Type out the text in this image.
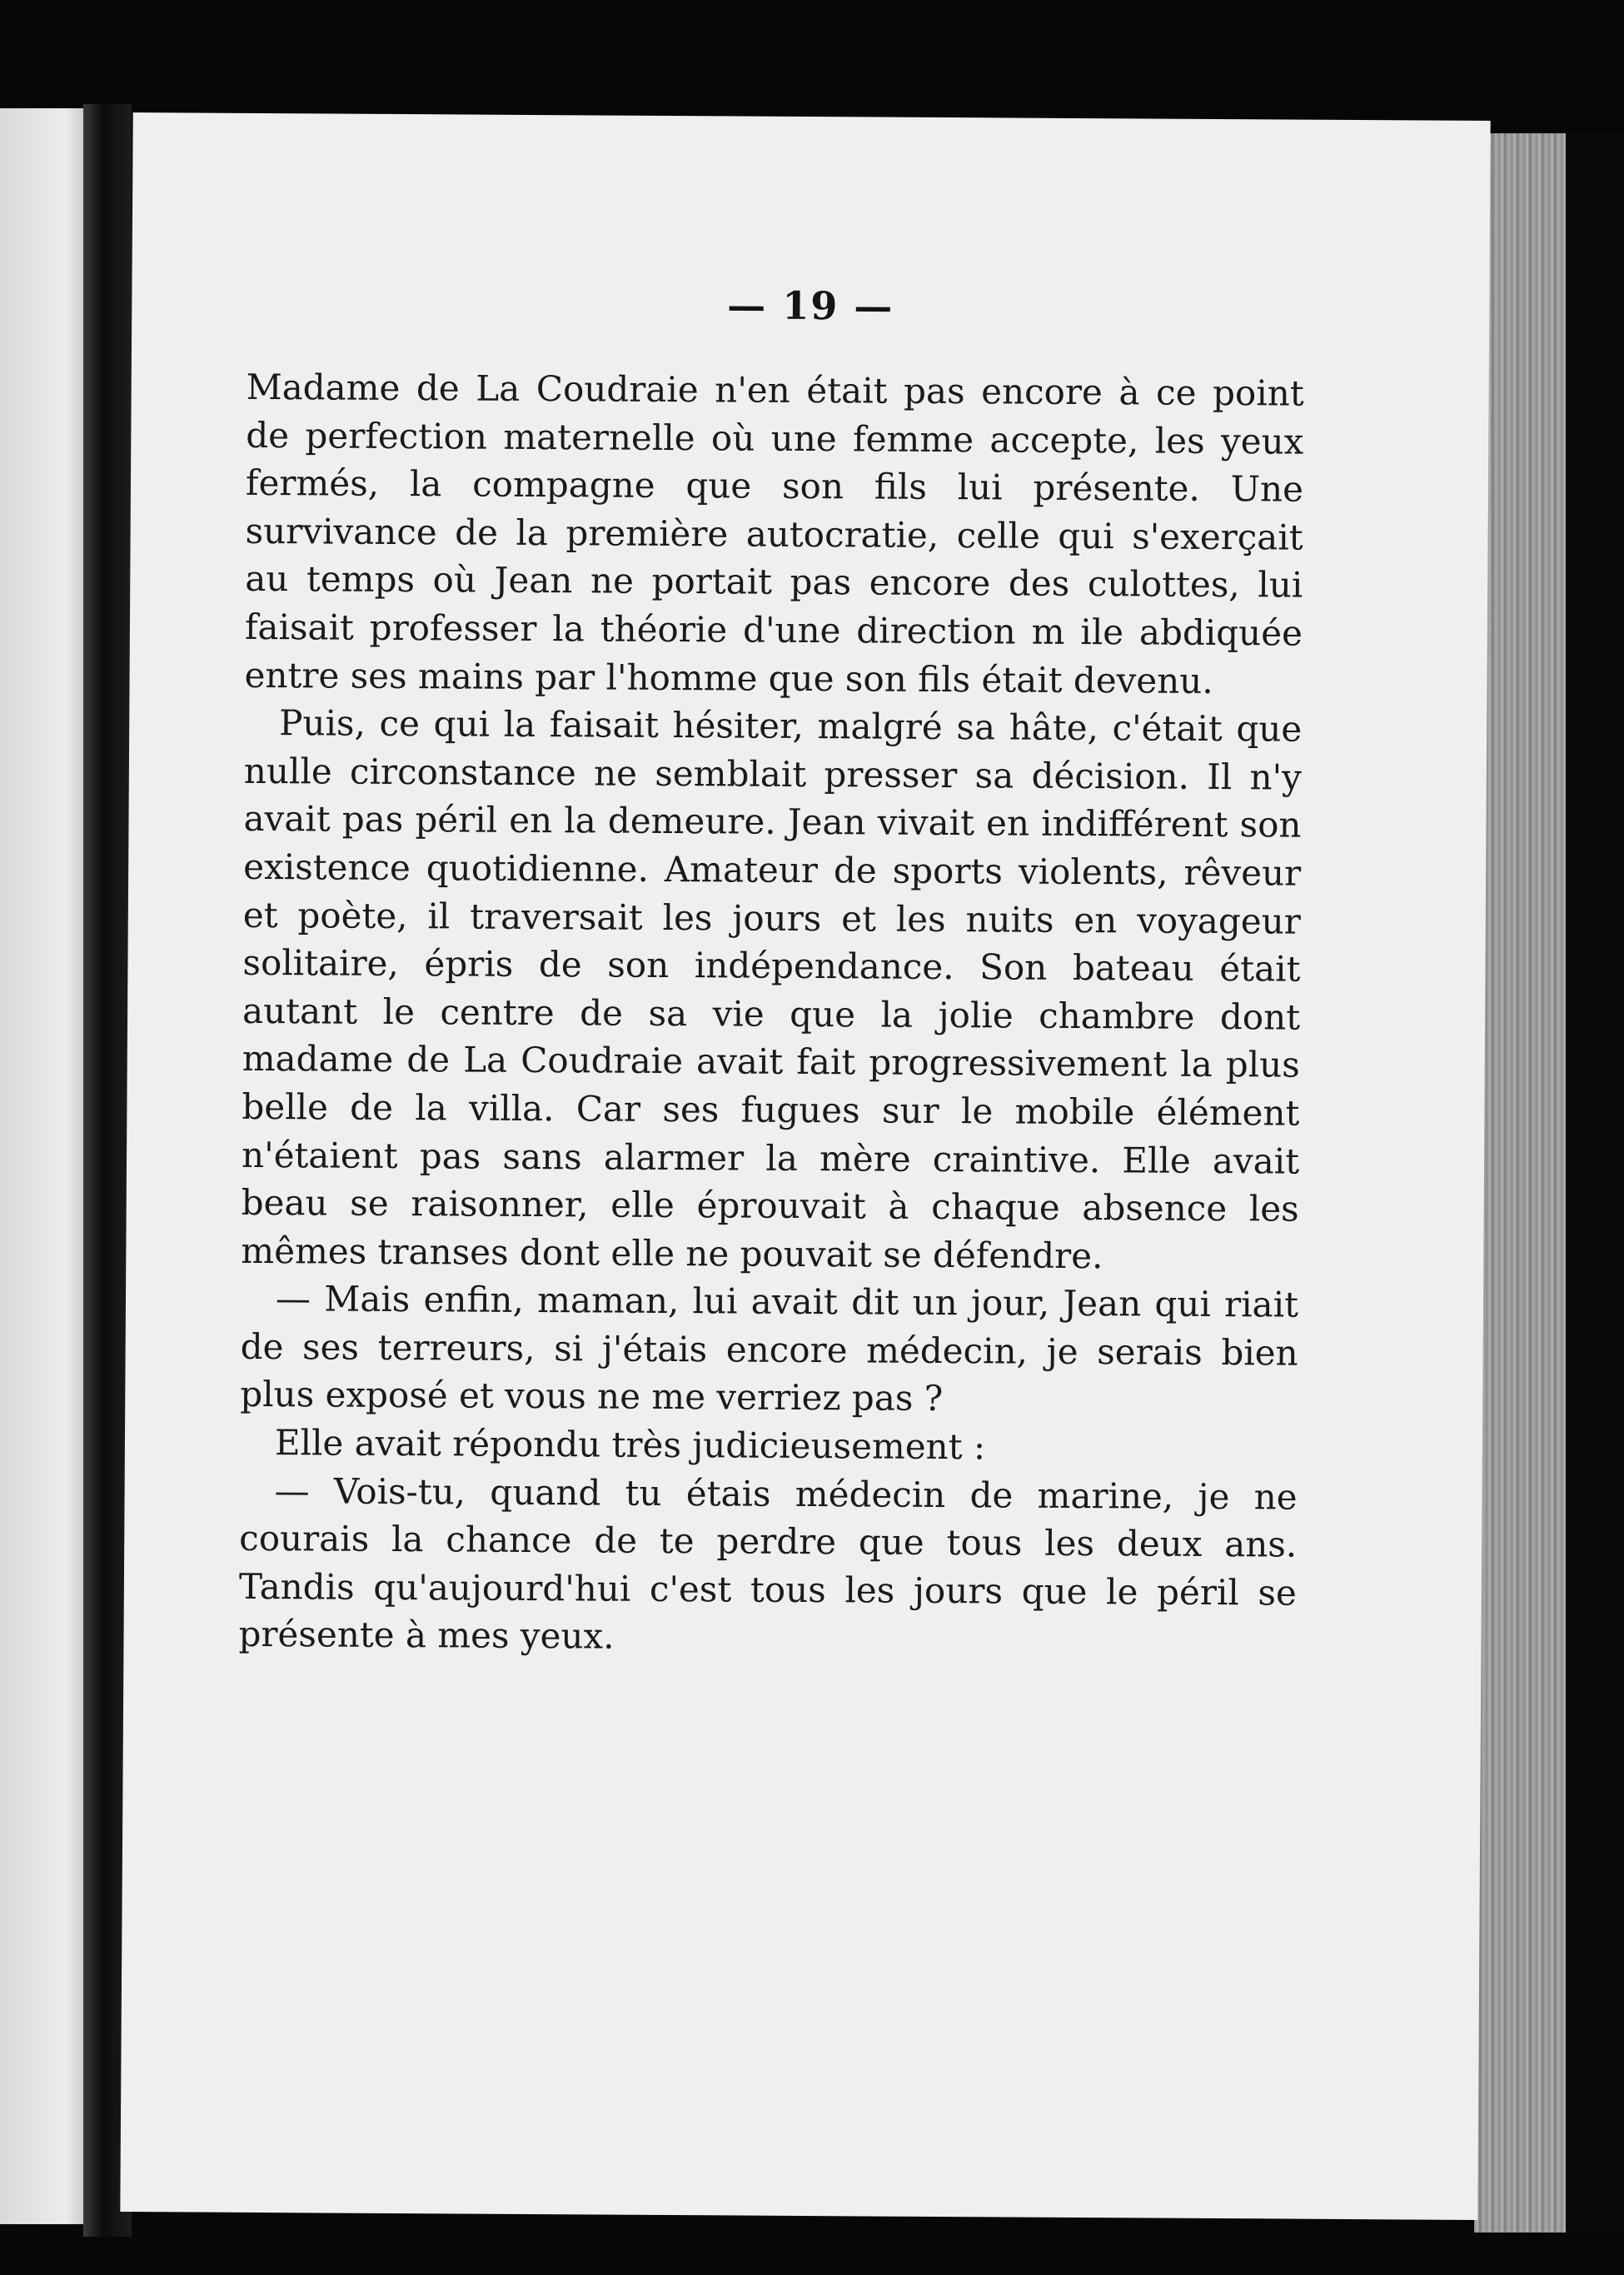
— 19 —

Madame de La Coudraie n'en était pas encore à ce point de perfection maternelle où une femme accepte, les yeux fermés, la compagne que son fils lui présente. Une survivance de la première autocratie, celle qui s'exerçait au temps où Jean ne portait pas encore des culottes, lui faisait professer la théorie d'une direction m ile abdiquée entre ses mains par l'homme que son fils était devenu.

Puis, ce qui la faisait hésiter, malgré sa hâte, c'était que nulle circonstance ne semblait presser sa décision. Il n'y avait pas péril en la demeure. Jean vivait en indifférent son existence quotidienne. Amateur de sports violents, rêveur et poète, il traversait les jours et les nuits en voyageur solitaire, épris de son indépendance. Son bateau était autant le centre de sa vie que la jolie chambre dont madame de La Coudraie avait fait progressivement la plus belle de la villa. Car ses fugues sur le mobile élément n'étaient pas sans alarmer la mère craintive. Elle avait beau se raisonner, elle éprouvait à chaque absence les mêmes transes dont elle ne pouvait se défendre.

— Mais enfin, maman, lui avait dit un jour, Jean qui riait de ses terreurs, si j'étais encore médecin, je serais bien plus exposé et vous ne me verriez pas ?

Elle avait répondu très judicieusement :

— Vois-tu, quand tu étais médecin de marine, je ne courais la chance de te perdre que tous les deux ans. Tandis qu'aujourd'hui c'est tous les jours que le péril se présente à mes yeux.
